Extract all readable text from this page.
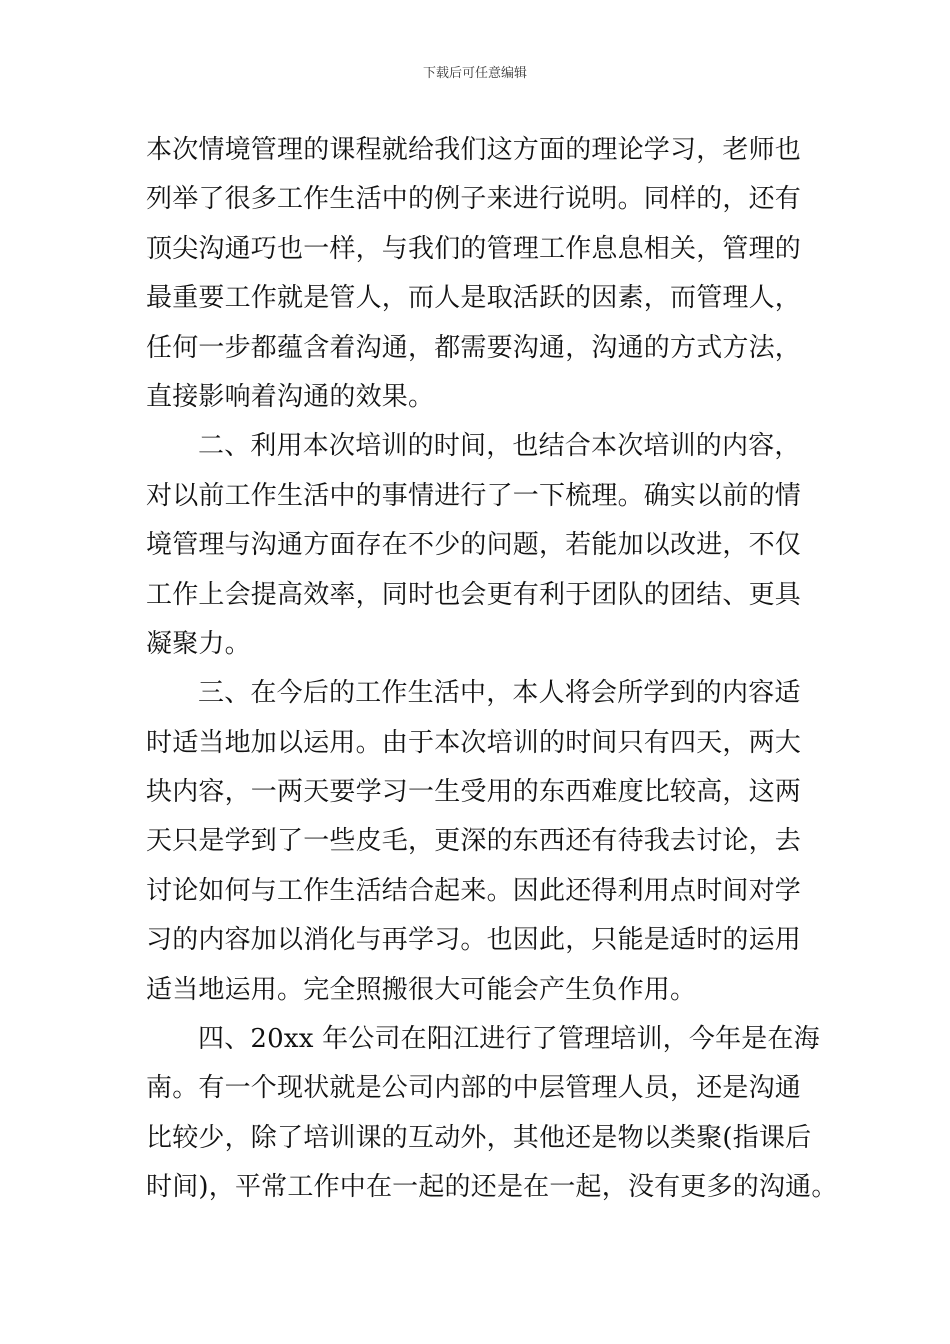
下载后可任意编辑
本次情境管理的课程就给我们这方面的理论学习，老师也
列举了很多工作生活中的例子来进行说明。同样的，还有
顶尖沟通巧也一样，与我们的管理工作息息相关，管理的
最重要工作就是管人，而人是取活跃的因素，而管理人，
任何一步都蕴含着沟通，都需要沟通，沟通的方式方法，
直接影响着沟通的效果。
二、利用本次培训的时间，也结合本次培训的内容，
对以前工作生活中的事情进行了一下梳理。确实以前的情
境管理与沟通方面存在不少的问题，若能加以改进，不仅
工作上会提高效率，同时也会更有利于团队的团结、更具
凝聚力。
三、在今后的工作生活中，本人将会所学到的内容适
时适当地加以运用。由于本次培训的时间只有四天，两大
块内容，一两天要学习一生受用的东西难度比较高，这两
天只是学到了一些皮毛，更深的东西还有待我去讨论，去
讨论如何与工作生活结合起来。因此还得利用点时间对学
习的内容加以消化与再学习。也因此，只能是适时的运用
适当地运用。完全照搬很大可能会产生负作用。
四、20xx 年公司在阳江进行了管理培训，今年是在海
南。有一个现状就是公司内部的中层管理人员，还是沟通
比较少，除了培训课的互动外，其他还是物以类聚(指课后
时间)，平常工作中在一起的还是在一起，没有更多的沟通。
